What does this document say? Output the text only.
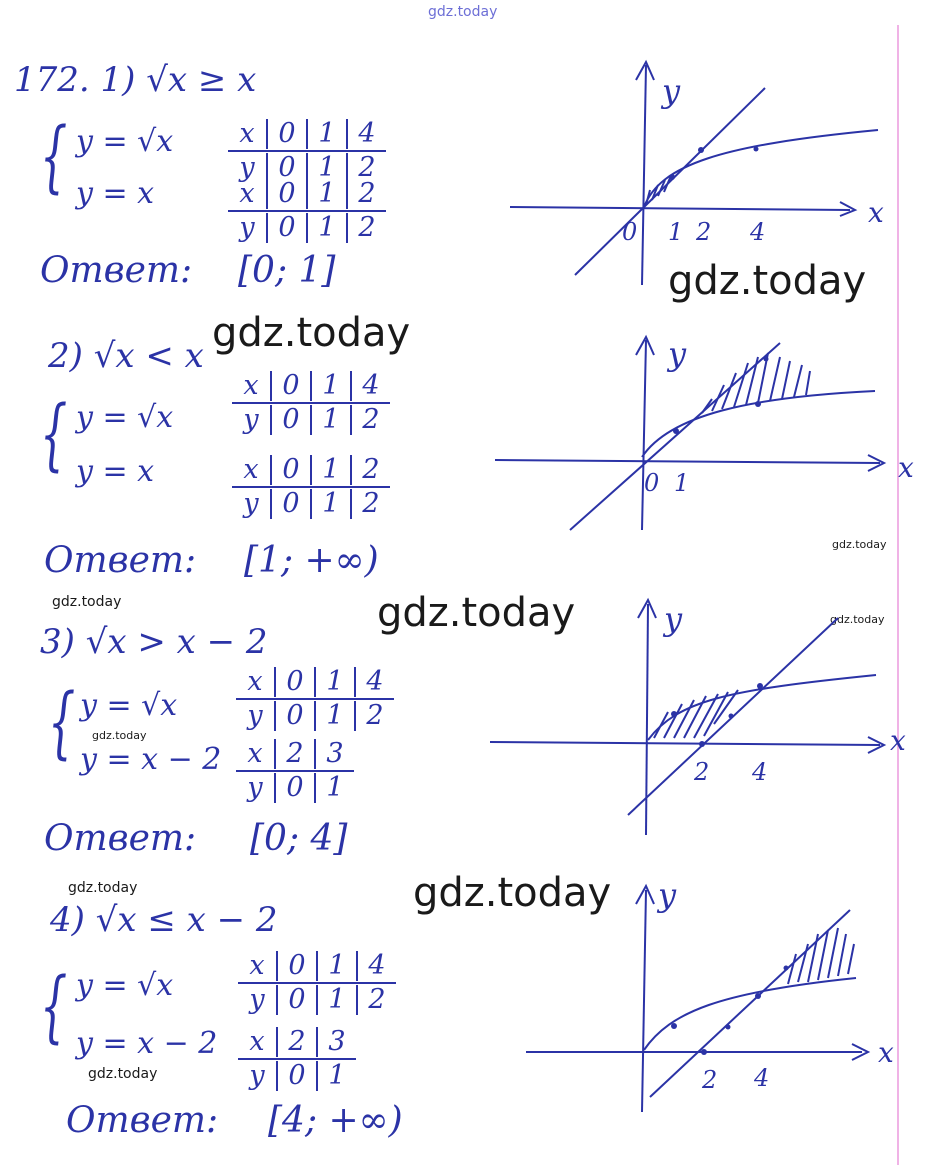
gdz.today
gdz.today
gdz.today
gdz.today
gdz.today	gdz.today	gdz.today
gdz.today
gdz.today	gdz.today
gdz.today
172. 1) √x ≥ x
{ y = √x
y = x
x 0 1 4
y 0 1 2
x 0 1 2
y 0 1 2
Ответ: [0; 1]
y
x
0 1 2 4
2) √x < x
{ y = √x
y = x
x 0 1 4
y 0 1 2
x 0 1 2
y 0 1 2
Ответ: [1; +∞)
y
x
0 1
3) √x > x − 2
{ y = √x
y = x − 2
x 0 1 4
y 0 1 2
x 2 3
y 0 1
Ответ: [0; 4]
y
x
2 4
4) √x ≤ x − 2
{ y = √x
y = x − 2
x 0 1 4
y 0 1 2
x 2 3
y 0 1
Ответ: [4; +∞)
y
x
2 4
